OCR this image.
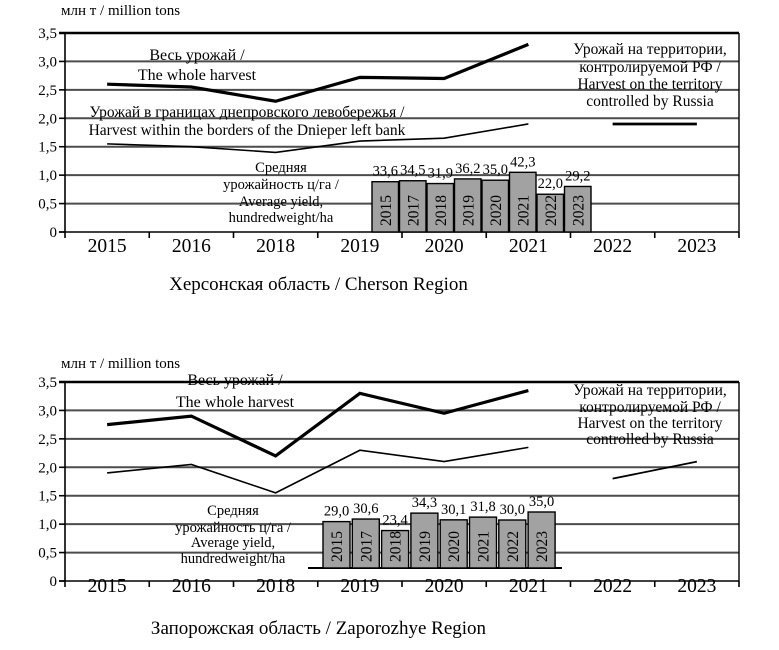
3,5
3,0
2,5
2,0
1,5
1,0
0,5
0
2015 2016 2018 2019 2020 2021 2022 2023
33,6
2015
34,5
2017
31,9
2018
36,2
2019
35,0
2020
42,3
2021
22,0
2022
29,2
2023
Средняя
урожайность ц/га /
Average yield,
hundredweight/ha
Весь урожай /
The whole harvest
Урожай в границах днепровского левобережья /
Harvest within the borders of the Dnieper left bank
Урожай на территории,
контролируемой РФ /
Harvest on the territory
controlled by Russia
млн т / million tons
Херсонская область / Cherson Region
3,5
3,0
2,5
2,0
1,5
1,0
0,5
0 2015 2016 2018 2019 2020 2021 2022 2023
29,0
2015
30,6
2017
23,4
2018
34,3
2019
30,1
2020
31,8
2021
30,0
2022
35,0
2023
Средняя
урожайность ц/га /
Average yield,
hundredweight/ha
Весь урожай /
The whole harvest
Урожай на территории,
контролируемой РФ /
Harvest on the territory
controlled by Russia
млн т / million tons
Запорожская область / Zaporozhye Region
